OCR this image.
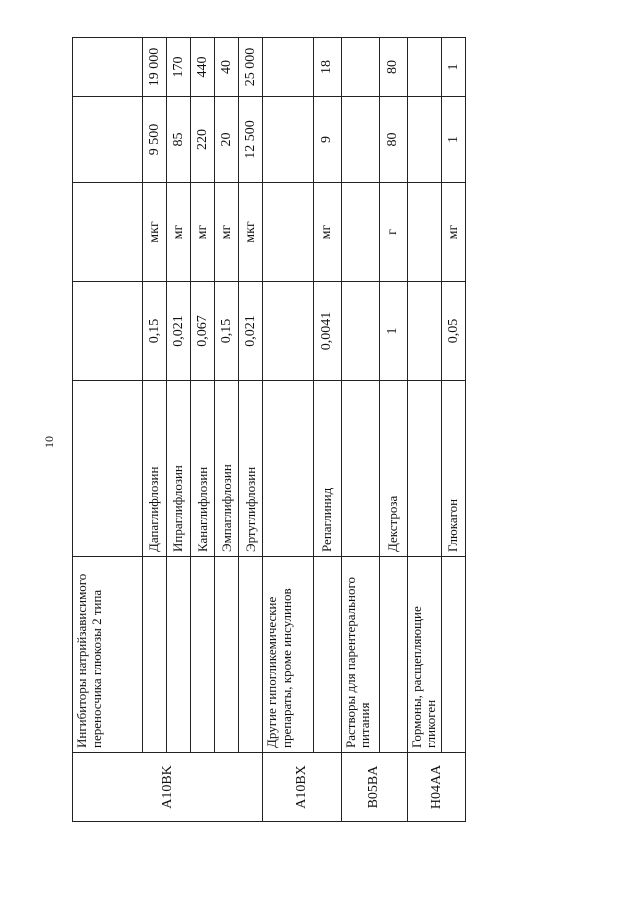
10
A10BK	Ингибиторы натрийзависимого переносчика глюкозы 2 типа					
		Дапаглифлозин	0,15	мкг	9 500	19 000
		Ипраглифлозин	0,021	мг	85	170
		Канаглифлозин	0,067	мг	220	440
		Эмпаглифлозин	0,15	мг	20	40
		Эртуглифлозин	0,021	мкг	12 500	25 000
A10BX	Другие гипогликемические препараты, кроме инсулинов					
		Репаглинид	0,0041	мг	9	18
B05BA	Растворы для парентерального питания					
		Декстроза	1	г	80	80
H04AA	Гормоны, расщепляющие гликоген					
		Глюкагон	0,05	мг	1	1
